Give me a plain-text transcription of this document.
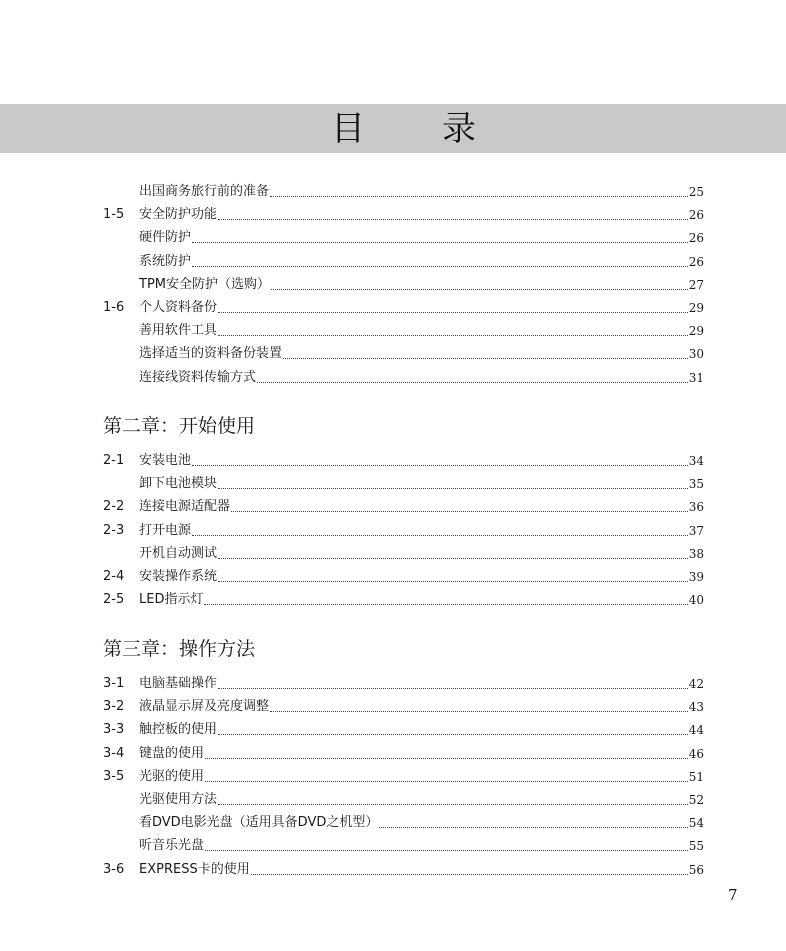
目 录
出国商务旅行前的准备	25
1-5	安全防护功能	26
硬件防护	26
系统防护	26
TPM安全防护（选购）	27
1-6	个人资料备份	29
善用软件工具	29
选择适当的资料备份装置	30
连接线资料传输方式	31
第二章：开始使用
2-1	安装电池	34
卸下电池模块	35
2-2	连接电源适配器	36
2-3	打开电源	37
开机自动测试	38
2-4	安装操作系统	39
2-5	LED指示灯	40
第三章：操作方法
3-1	电脑基础操作	42
3-2	液晶显示屏及亮度调整	43
3-3	触控板的使用	44
3-4	键盘的使用	46
3-5	光驱的使用	51
光驱使用方法	52
看DVD电影光盘（适用具备DVD之机型）	54
听音乐光盘	55
3-6	EXPRESS卡的使用	56
7
